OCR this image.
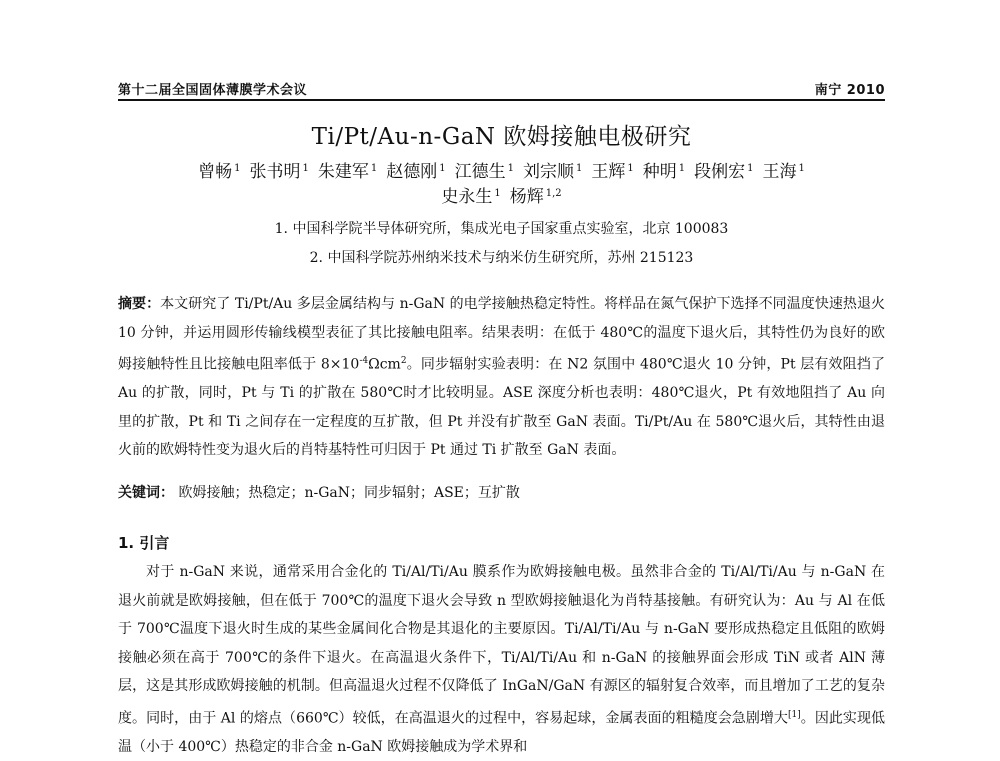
第十二届全国固体薄膜学术会议	南宁 2010
Ti/Pt/Au-n-GaN 欧姆接触电极研究
曾畅 $^1$ 张书明 $^1$ 朱建军 $^1$ 赵德刚 $^1$ 江德生 $^1$ 刘宗顺 $^1$ 王辉 $^1$ 种明 $^1$ 段俐宏 $^1$ 王海 $^1$
史永生 $^1$ 杨辉 $^{1,2}$
1. 中国科学院半导体研究所，集成光电子国家重点实验室，北京 100083
2. 中国科学院苏州纳米技术与纳米仿生研究所，苏州 215123
摘要：本文研究了 Ti/Pt/Au 多层金属结构与 n-GaN 的电学接触热稳定特性。将样品在氮气保护下选择不同温度快速热退火 10 分钟，并运用圆形传输线模型表征了其比接触电阻率。结果表明：在低于 480℃的温度下退火后，其特性仍为良好的欧姆接触特性且比接触电阻率低于 $8\times 10^{-4}\Omega cm^2$。同步辐射实验表明：在 N2 氛围中 480℃退火 10 分钟，Pt 层有效阻挡了 Au 的扩散，同时，Pt 与 Ti 的扩散在 580℃时才比较明显。ASE 深度分析也表明：480℃退火，Pt 有效地阻挡了 Au 向里的扩散，Pt 和 Ti 之间存在一定程度的互扩散，但 Pt 并没有扩散至 GaN 表面。Ti/Pt/Au 在 580℃退火后，其特性由退火前的欧姆特性变为退火后的肖特基特性可归因于 Pt 通过 Ti 扩散至 GaN 表面。
关键词： 欧姆接触；热稳定；n-GaN；同步辐射；ASE；互扩散
1. 引言
对于 n-GaN 来说，通常采用合金化的 Ti/Al/Ti/Au 膜系作为欧姆接触电极。虽然非合金的 Ti/Al/Ti/Au 与 n-GaN 在退火前就是欧姆接触，但在低于 700℃的温度下退火会导致 n 型欧姆接触退化为肖特基接触。有研究认为：Au 与 Al 在低于 700℃温度下退火时生成的某些金属间化合物是其退化的主要原因。Ti/Al/Ti/Au 与 n-GaN 要形成热稳定且低阻的欧姆接触必须在高于 700℃的条件下退火。在高温退火条件下，Ti/Al/Ti/Au 和 n-GaN 的接触界面会形成 TiN 或者 AlN 薄层，这是其形成欧姆接触的机制。但高温退火过程不仅降低了 InGaN/GaN 有源区的辐射复合效率，而且增加了工艺的复杂度。同时，由于 Al 的熔点（660℃）较低，在高温退火的过程中，容易起球，金属表面的粗糙度会急剧增大[1]。因此实现低温（小于 400℃）热稳定的非合金 n-GaN 欧姆接触成为学术界和
